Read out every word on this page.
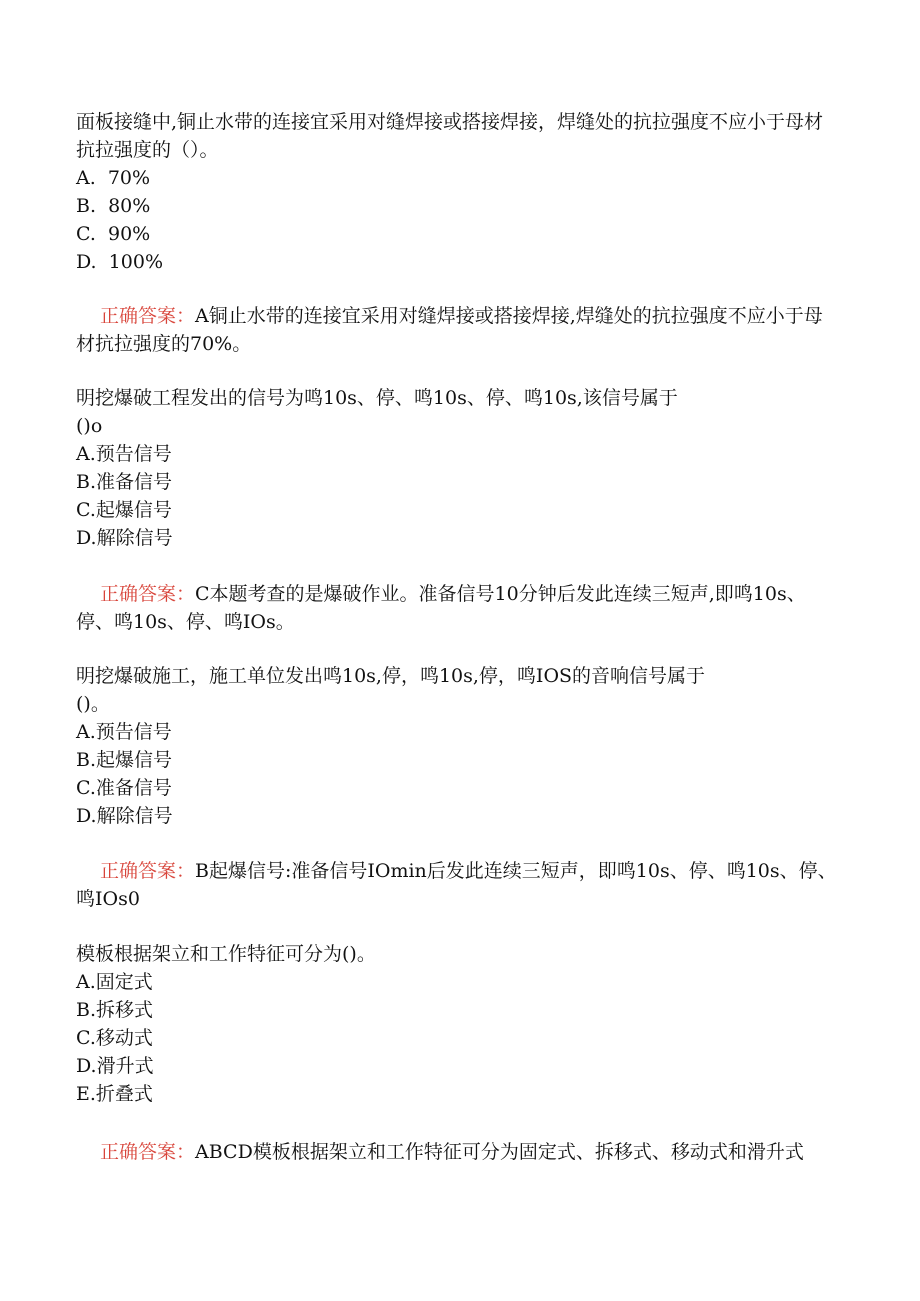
面板接缝中,铜止水带的连接宜采用对缝焊接或搭接焊接，焊缝处的抗拉强度不应小于母材抗拉强度的（）。

A.  70%
B.  80%
C.  90%
D.  100%

正确答案：A铜止水带的连接宜采用对缝焊接或搭接焊接,焊缝处的抗拉强度不应小于母材抗拉强度的70%。

明挖爆破工程发出的信号为鸣10s、停、鸣10s、停、鸣10s,该信号属于
()o

A.预告信号
B.准备信号
C.起爆信号
D.解除信号

正确答案：C本题考查的是爆破作业。准备信号10分钟后发此连续三短声,即鸣10s、停、鸣10s、停、鸣IOs。

明挖爆破施工，施工单位发出鸣10s,停，鸣10s,停，鸣IOS的音响信号属于
()。

A.预告信号
B.起爆信号
C.准备信号
D.解除信号

正确答案：B起爆信号:准备信号IOmin后发此连续三短声，即鸣10s、停、鸣10s、停、鸣IOs0

模板根据架立和工作特征可分为()。

A.固定式
B.拆移式
C.移动式
D.滑升式
E.折叠式

正确答案：ABCD模板根据架立和工作特征可分为固定式、拆移式、移动式和滑升式
